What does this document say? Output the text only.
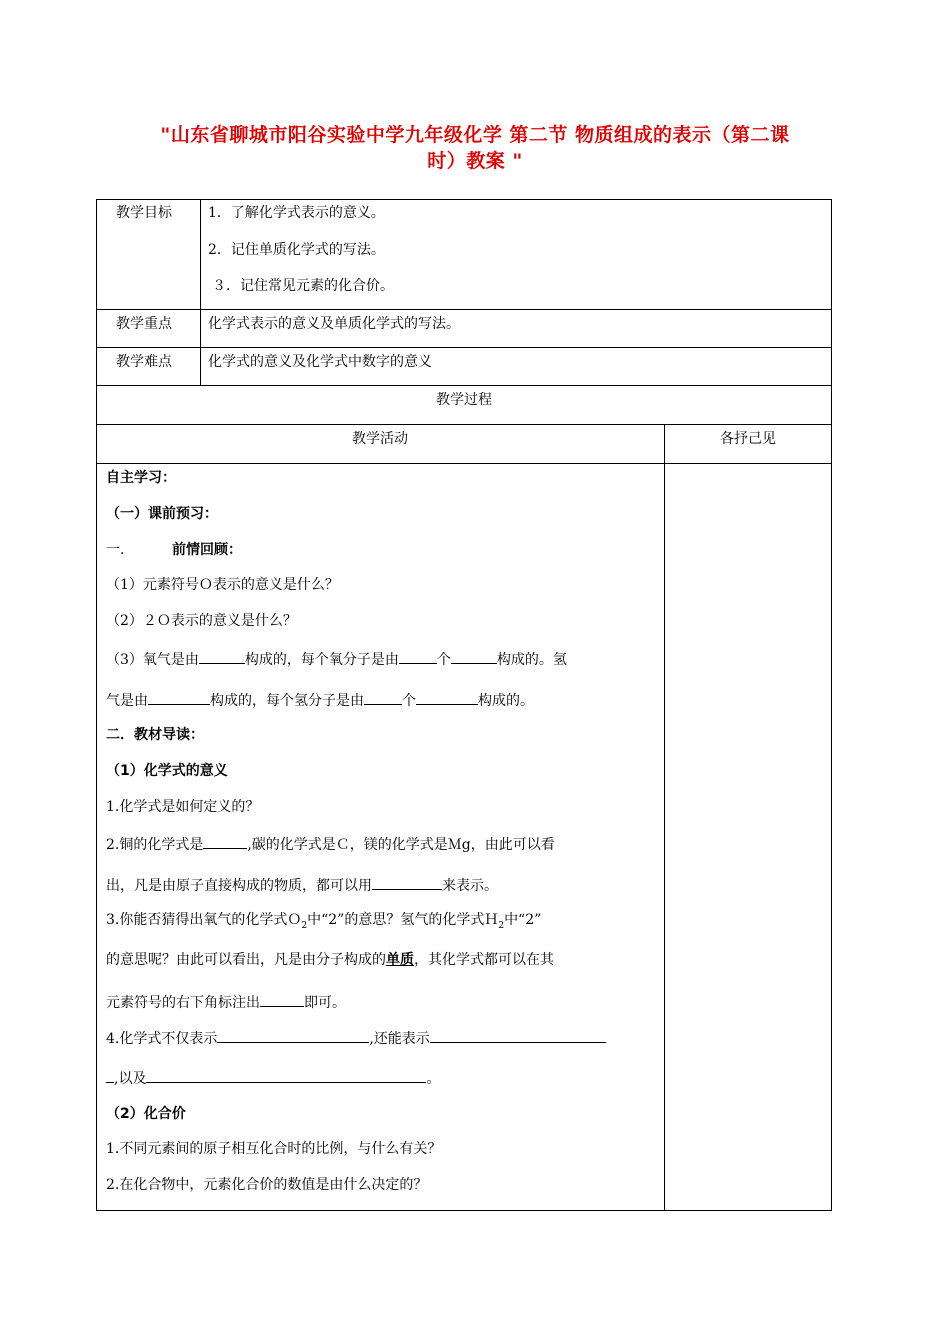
"山东省聊城市阳谷实验中学九年级化学 第二节 物质组成的表示（第二课
时）教案 "
教学目标	1．了解化学式表示的意义。
2．记住单质化学式的写法。
３．记住常见元素的化合价。
教学重点	化学式表示的意义及单质化学式的写法。
教学难点	化学式的意义及化学式中数字的意义
教学过程
教学活动	各抒己见
自主学习：
（一）课前预习：
一.	前情回顾：
（1）元素符号Ｏ表示的意义是什么？
（2）２Ｏ表示的意义是什么？
（3）氧气是由	构成的，每个氧分子是由	个	构成的。氢
气是由	构成的，每个氢分子是由	个	构成的。
二．教材导读：
（1）化学式的意义
1.化学式是如何定义的？
2.铜的化学式是	,碳的化学式是Ｃ，镁的化学式是Ｍg，由此可以看
出，凡是由原子直接构成的物质，都可以用	来表示。
3.你能否猜得出氧气的化学式Ｏ$_2$中“2”的意思？氢气的化学式Ｈ$_2$中“2”
的意思呢？由此可以看出，凡是由分子构成的单质，其化学式都可以在其
元素符号的右下角标注出	即可。
4.化学式不仅表示	,还能表示
,以及	。
（2）化合价
1.不同元素间的原子相互化合时的比例，与什么有关？
2.在化合物中，元素化合价的数值是由什么决定的？
